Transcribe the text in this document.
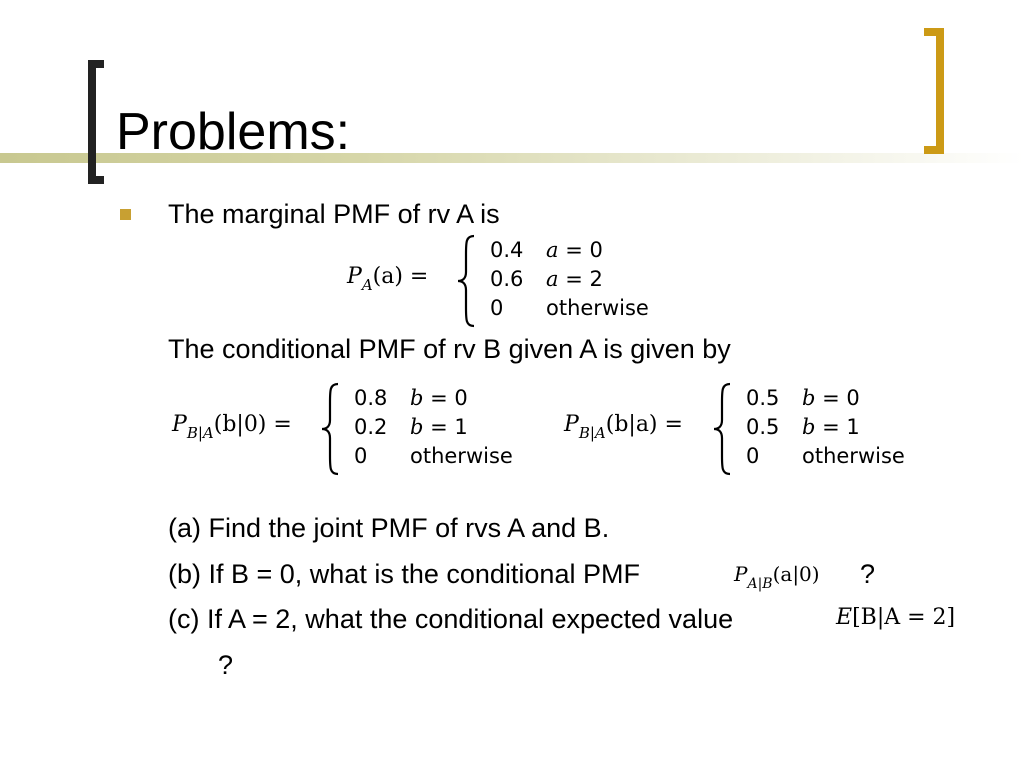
Problems:
The marginal PMF of rv A is
$P_A(a)$ =
0.4 a = 0
0.6 a = 2
0 otherwise
The conditional PMF of rv B given A is given by
$P_{B|A}(b|0)$ =
0.8 b = 0
0.2 b = 1
0 otherwise
$P_{B|A}(b|a)$ =
0.5 b = 0
0.5 b = 1
0 otherwise
(a) Find the joint PMF of rvs A and B.
(b) If B = 0, what is the conditional PMF	$P_{A|B}(a|0)$ ?
(c) If A = 2, what the conditional expected value	E[B|A = 2]
?
